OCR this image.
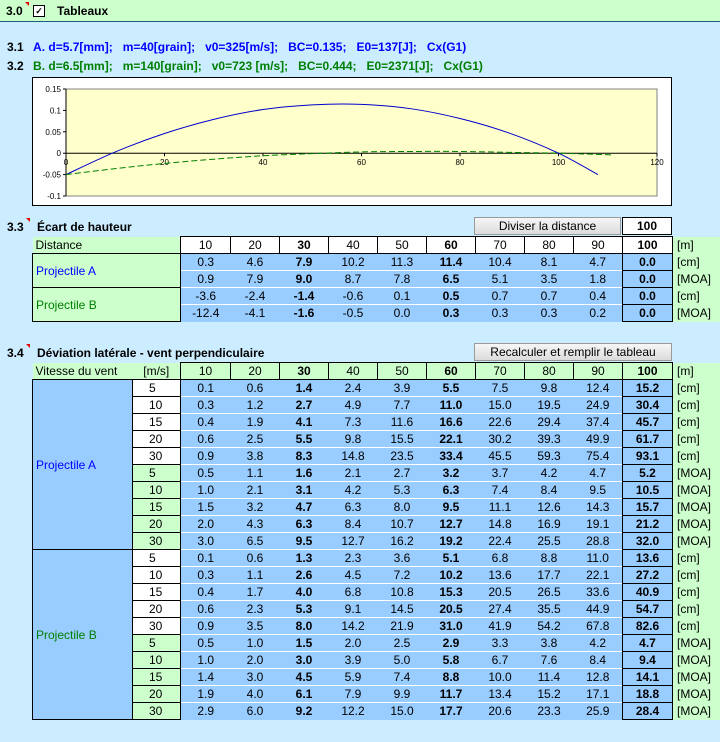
3.0 ✓ Tableaux
3.1 A. d=5.7[mm];   m=40[grain];   v0=325[m/s];   BC=0.135;   E0=137[J];   Cx(G1)
3.2 B. d=6.5[mm];   m=140[grain];   v0=723 [m/s];   BC=0.444;   E0=2371[J];   Cx(G1)
0.15
0.1
0.05
0
-0.05
-0.1
0	20	40	60	80	100	120
3.3 Écart de hauteur	Diviser la distance	100
Distance	10	20	30	40	50	60	70	80	90	100	[m]
Projectile A	0.3	4.6	7.9	10.2	11.3	11.4	10.4	8.1	4.7	0.0	[cm]
	0.9	7.9	9.0	8.7	7.8	6.5	5.1	3.5	1.8	0.0	[MOA]
Projectile B	-3.6	-2.4	-1.4	-0.6	0.1	0.5	0.7	0.7	0.4	0.0	[cm]
	-12.4	-4.1	-1.6	-0.5	0.0	0.3	0.3	0.3	0.2	0.0	[MOA]
3.4 Déviation latérale - vent perpendiculaire	Recalculer et remplir le tableau
Vitesse du vent	[m/s]	10	20	30	40	50	60	70	80	90	100	[m]
Projectile A	5	0.1	0.6	1.4	2.4	3.9	5.5	7.5	9.8	12.4	15.2	[cm]
	10	0.3	1.2	2.7	4.9	7.7	11.0	15.0	19.5	24.9	30.4	[cm]
	15	0.4	1.9	4.1	7.3	11.6	16.6	22.6	29.4	37.4	45.7	[cm]
	20	0.6	2.5	5.5	9.8	15.5	22.1	30.2	39.3	49.9	61.7	[cm]
	30	0.9	3.8	8.3	14.8	23.5	33.4	45.5	59.3	75.4	93.1	[cm]
	5	0.5	1.1	1.6	2.1	2.7	3.2	3.7	4.2	4.7	5.2	[MOA]
	10	1.0	2.1	3.1	4.2	5.3	6.3	7.4	8.4	9.5	10.5	[MOA]
	15	1.5	3.2	4.7	6.3	8.0	9.5	11.1	12.6	14.3	15.7	[MOA]
	20	2.0	4.3	6.3	8.4	10.7	12.7	14.8	16.9	19.1	21.2	[MOA]
	30	3.0	6.5	9.5	12.7	16.2	19.2	22.4	25.5	28.8	32.0	[MOA]
Projectile B	5	0.1	0.6	1.3	2.3	3.6	5.1	6.8	8.8	11.0	13.6	[cm]
	10	0.3	1.1	2.6	4.5	7.2	10.2	13.6	17.7	22.1	27.2	[cm]
	15	0.4	1.7	4.0	6.8	10.8	15.3	20.5	26.5	33.6	40.9	[cm]
	20	0.6	2.3	5.3	9.1	14.5	20.5	27.4	35.5	44.9	54.7	[cm]
	30	0.9	3.5	8.0	14.2	21.9	31.0	41.9	54.2	67.8	82.6	[cm]
	5	0.5	1.0	1.5	2.0	2.5	2.9	3.3	3.8	4.2	4.7	[MOA]
	10	1.0	2.0	3.0	3.9	5.0	5.8	6.7	7.6	8.4	9.4	[MOA]
	15	1.4	3.0	4.5	5.9	7.4	8.8	10.0	11.4	12.8	14.1	[MOA]
	20	1.9	4.0	6.1	7.9	9.9	11.7	13.4	15.2	17.1	18.8	[MOA]
	30	2.9	6.0	9.2	12.2	15.0	17.7	20.6	23.3	25.9	28.4	[MOA]
